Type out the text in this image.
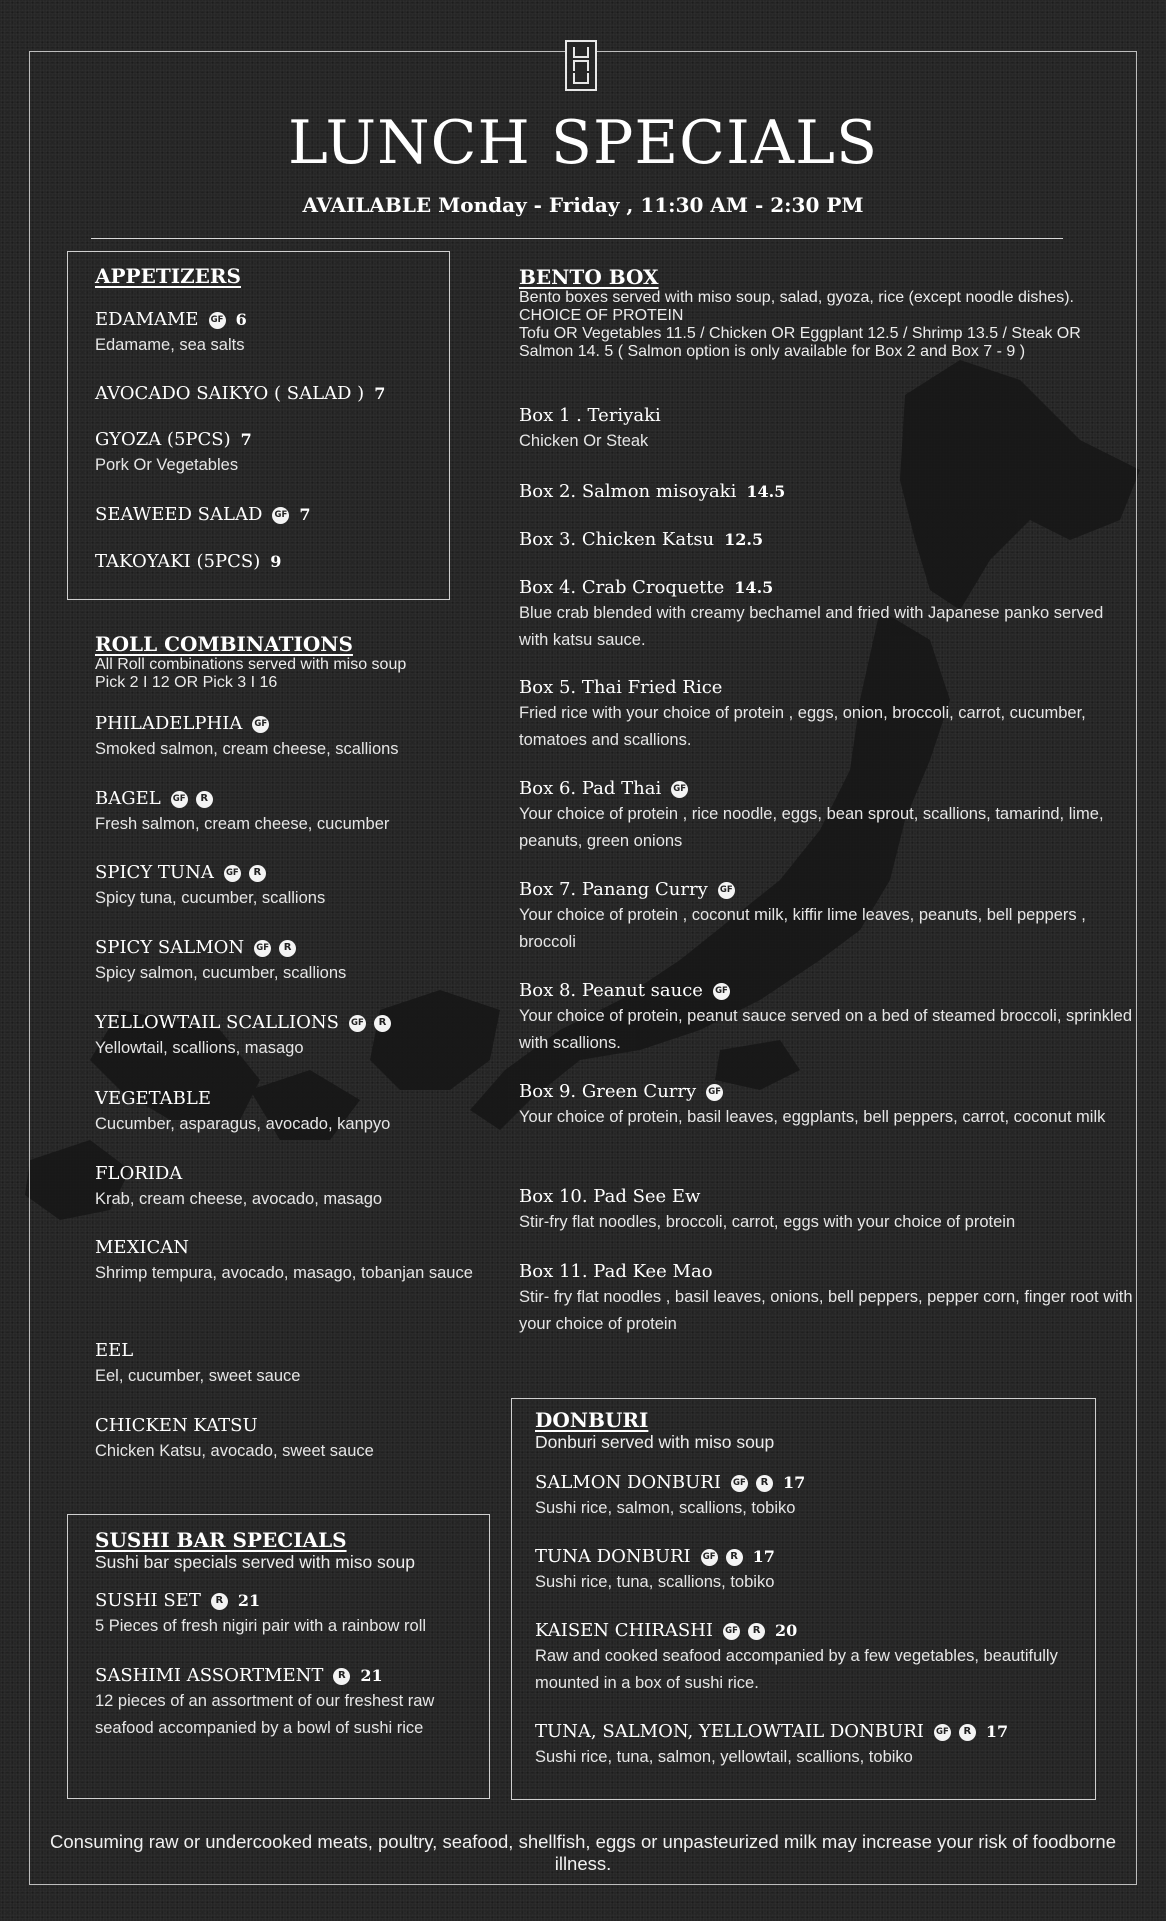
LUNCH SPECIALS
AVAILABLE Monday - Friday , 11:30 AM - 2:30 PM
APPETIZERS
EDAMAME GF 6
Edamame, sea salts
AVOCADO SAIKYO ( SALAD ) 7
GYOZA (5PCS) 7
Pork Or Vegetables
SEAWEED SALAD GF 7
TAKOYAKI (5PCS) 9
ROLL COMBINATIONS
All Roll combinations served with miso soup
Pick 2 I 12 OR Pick 3 I 16
PHILADELPHIA GF
Smoked salmon, cream cheese, scallions
BAGEL GF	R
Fresh salmon, cream cheese, cucumber
SPICY TUNA GF	R
Spicy tuna, cucumber, scallions
SPICY SALMON GF	R
Spicy salmon, cucumber, scallions
YELLOWTAIL SCALLIONS GF	R
Yellowtail, scallions, masago
VEGETABLE
Cucumber, asparagus, avocado, kanpyo
FLORIDA
Krab, cream cheese, avocado, masago
MEXICAN
Shrimp tempura, avocado, masago, tobanjan sauce
EEL
Eel, cucumber, sweet sauce
CHICKEN KATSU
Chicken Katsu, avocado, sweet sauce
SUSHI BAR SPECIALS
Sushi bar specials served with miso soup
SUSHI SET	R 21
5 Pieces of fresh nigiri pair with a rainbow roll
SASHIMI ASSORTMENT	R 21
12 pieces of an assortment of our freshest raw seafood accompanied by a bowl of sushi rice
BENTO BOX
Bento boxes served with miso soup, salad, gyoza, rice (except noodle dishes).
CHOICE OF PROTEIN
Tofu OR Vegetables 11.5 / Chicken OR Eggplant 12.5 / Shrimp 13.5 / Steak OR Salmon 14. 5 ( Salmon option is only available for Box 2 and Box 7 - 9 )
Box 1 . Teriyaki
Chicken Or Steak
Box 2. Salmon misoyaki 14.5
Box 3. Chicken Katsu 12.5
Box 4. Crab Croquette 14.5
Blue crab blended with creamy bechamel and fried with Japanese panko served with katsu sauce.
Box 5. Thai Fried Rice
Fried rice with your choice of protein , eggs, onion, broccoli, carrot, cucumber, tomatoes and scallions.
Box 6. Pad Thai GF
Your choice of protein , rice noodle, eggs, bean sprout, scallions, tamarind, lime, peanuts, green onions
Box 7. Panang Curry GF
Your choice of protein , coconut milk, kiffir lime leaves, peanuts, bell peppers , broccoli
Box 8. Peanut sauce GF
Your choice of protein, peanut sauce served on a bed of steamed broccoli, sprinkled with scallions.
Box 9. Green Curry GF
Your choice of protein, basil leaves, eggplants, bell peppers, carrot, coconut milk
Box 10. Pad See Ew
Stir-fry flat noodles, broccoli, carrot, eggs with your choice of protein
Box 11. Pad Kee Mao
Stir- fry flat noodles , basil leaves, onions, bell peppers, pepper corn, finger root with your choice of protein
DONBURI
Donburi served with miso soup
SALMON DONBURI GF	R 17
Sushi rice, salmon, scallions, tobiko
TUNA DONBURI GF	R 17
Sushi rice, tuna, scallions, tobiko
KAISEN CHIRASHI GF	R 20
Raw and cooked seafood accompanied by a few vegetables, beautifully mounted in a box of sushi rice.
TUNA, SALMON, YELLOWTAIL DONBURI GF	R 17
Sushi rice, tuna, salmon, yellowtail, scallions, tobiko
Consuming raw or undercooked meats, poultry, seafood, shellfish, eggs or unpasteurized milk may increase your risk of foodborne illness.
